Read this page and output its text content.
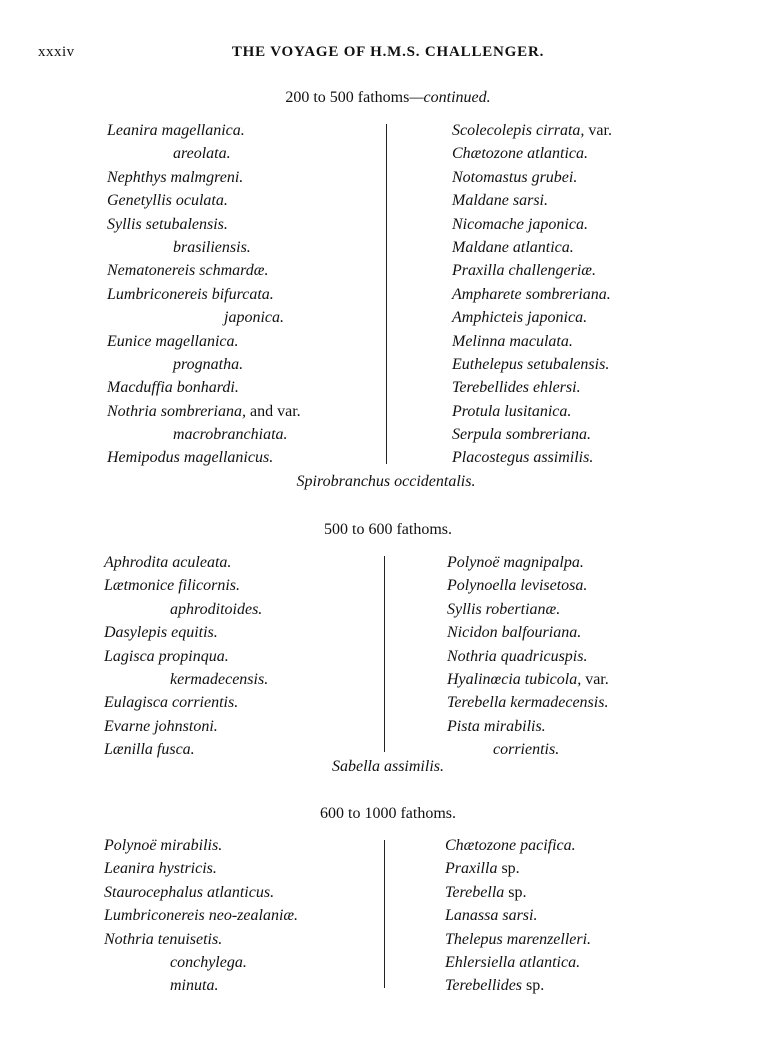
xxxiv	THE VOYAGE OF H.M.S. CHALLENGER.
200 to 500 fathoms—continued.
Leanira magellanica.
areolata.
Nephthys malmgreni.
Genetyllis oculata.
Syllis setubalensis.
brasiliensis.
Nematonereis schmardæ.
Lumbriconereis bifurcata.
japonica.
Eunice magellanica.
prognatha.
Macduffia bonhardi.
Nothria sombreriana, and var.
macrobranchiata.
Hemipodus magellanicus.
Scolecolepis cirrata, var.
Chætozone atlantica.
Notomastus grubei.
Maldane sarsi.
Nicomache japonica.
Maldane atlantica.
Praxilla challengeriæ.
Ampharete sombreriana.
Amphicteis japonica.
Melinna maculata.
Euthelepus setubalensis.
Terebellides ehlersi.
Protula lusitanica.
Serpula sombreriana.
Placostegus assimilis.
Spirobranchus occidentalis.
500 to 600 fathoms.
Aphrodita aculeata.
Lætmonice filicornis.
aphroditoides.
Dasylepis equitis.
Lagisca propinqua.
kermadecensis.
Eulagisca corrientis.
Evarne johnstoni.
Lænilla fusca.
Polynoë magnipalpa.
Polynoella levisetosa.
Syllis robertianæ.
Nicidon balfouriana.
Nothria quadricuspis.
Hyalinœcia tubicola, var.
Terebella kermadecensis.
Pista mirabilis.
corrientis.
Sabella assimilis.
600 to 1000 fathoms.
Polynoë mirabilis.
Leanira hystricis.
Staurocephalus atlanticus.
Lumbriconereis neo-zealaniæ.
Nothria tenuisetis.
conchylega.
minuta.
Chætozone pacifica.
Praxilla sp.
Terebella sp.
Lanassa sarsi.
Thelepus marenzelleri.
Ehlersiella atlantica.
Terebellides sp.
